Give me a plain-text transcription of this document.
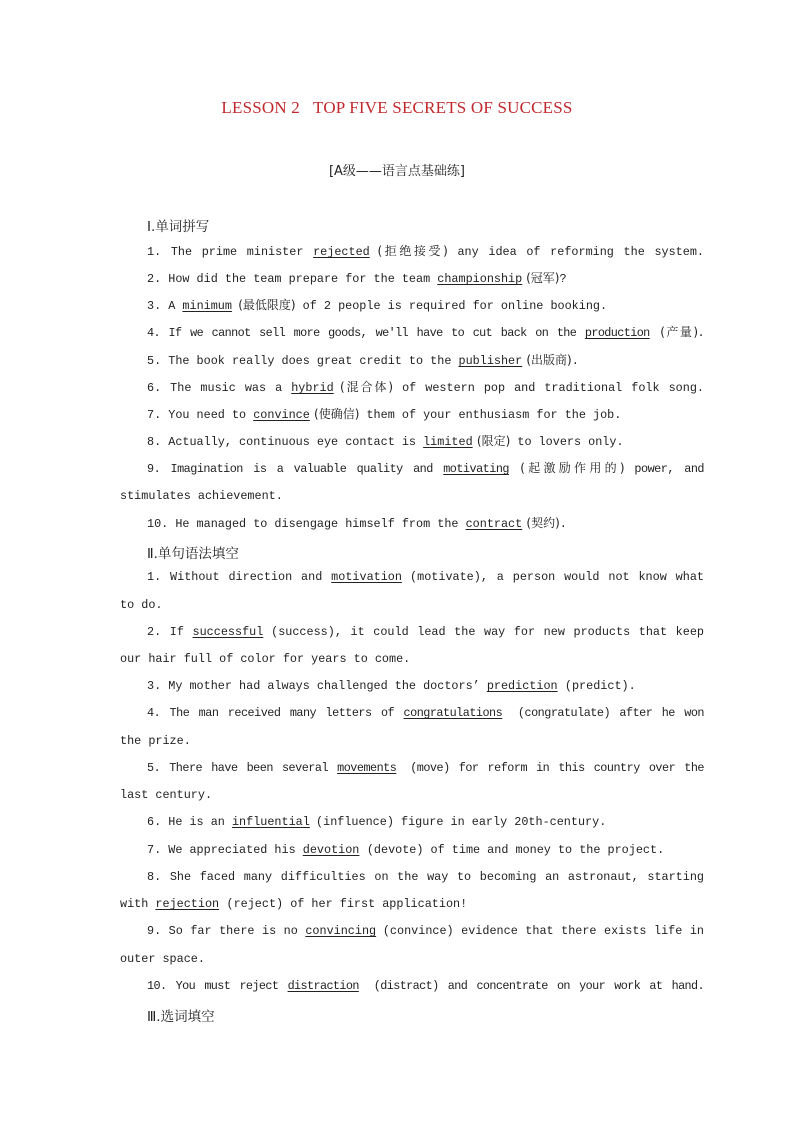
LESSON 2   TOP FIVE SECRETS OF SUCCESS
[A级——语言点基础练]
Ⅰ.单词拼写
1. The prime minister rejected (拒绝接受) any idea of reforming the system.
2. How did the team prepare for the team championship (冠军)?
3. A minimum (最低限度) of 2 people is required for online booking.
4. If we cannot sell more goods, we'll have to cut back on the production (产量).
5. The book really does great credit to the publisher (出版商).
6. The music was a hybrid (混合体) of western pop and traditional folk song.
7. You need to convince (使确信) them of your enthusiasm for the job.
8. Actually, continuous eye contact is limited (限定) to lovers only.
9. Imagination is a valuable quality and motivating (起激励作用的) power, and
stimulates achievement.
10. He managed to disengage himself from the contract (契约).
Ⅱ.单句语法填空
1. Without direction and motivation (motivate), a person would not know what
to do.
2. If successful (success), it could lead the way for new products that keep
our hair full of color for years to come.
3. My mother had always challenged the doctors’ prediction (predict).
4. The man received many letters of congratulations (congratulate) after he won
the prize.
5. There have been several movements (move) for reform in this country over the
last century.
6. He is an influential (influence) figure in early 20th-century.
7. We appreciated his devotion (devote) of time and money to the project.
8. She faced many difficulties on the way to becoming an astronaut, starting
with rejection (reject) of her first application!
9. So far there is no convincing (convince) evidence that there exists life in
outer space.
10. You must reject distraction (distract) and concentrate on your work at hand.
Ⅲ.选词填空
